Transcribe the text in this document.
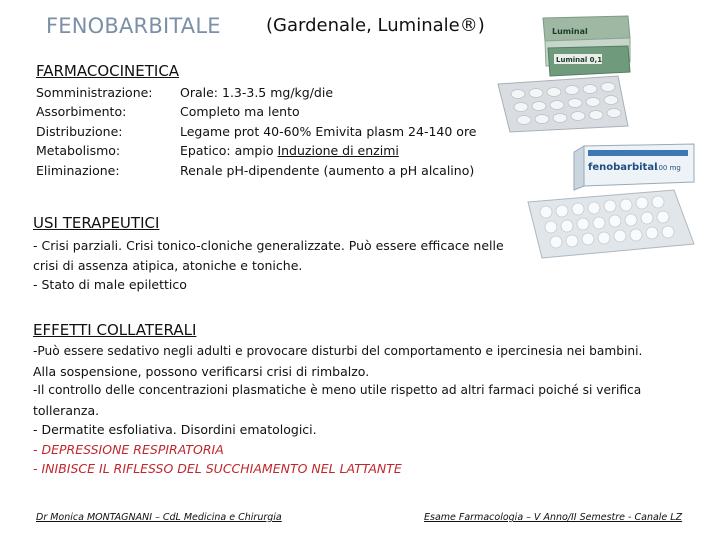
FENOBARBITALE	(Gardenale, Luminale®)	Luminal
Luminal 0,1
fenobarbital
100 mg
FARMACOCINETICA
Somministrazione:	Orale: 1.3-3.5 mg/kg/die
Assorbimento:	Completo ma lento
Distribuzione:	Legame prot 40-60% Emivita plasm 24-140 ore
Metabolismo:	Epatico: ampio Induzione di enzimi
Eliminazione:	Renale pH-dipendente (aumento a pH alcalino)
USI TERAPEUTICI
- Crisi parziali. Crisi tonico-cloniche generalizzate. Può essere efficace nelle
crisi di assenza atipica, atoniche e toniche.
- Stato di male epilettico
EFFETTI COLLATERALI
-Può essere sedativo negli adulti e provocare disturbi del comportamento e ipercinesia nei bambini.
Alla sospensione, possono verificarsi crisi di rimbalzo.
-Il controllo delle concentrazioni plasmatiche è meno utile rispetto ad altri farmaci poiché si verifica
tolleranza.
- Dermatite esfoliativa. Disordini ematologici.
- DEPRESSIONE RESPIRATORIA
- INIBISCE IL RIFLESSO DEL SUCCHIAMENTO NEL LATTANTE
Dr Monica MONTAGNANI – CdL Medicina e Chirurgia	Esame Farmacologia – V Anno/II Semestre - Canale LZ
